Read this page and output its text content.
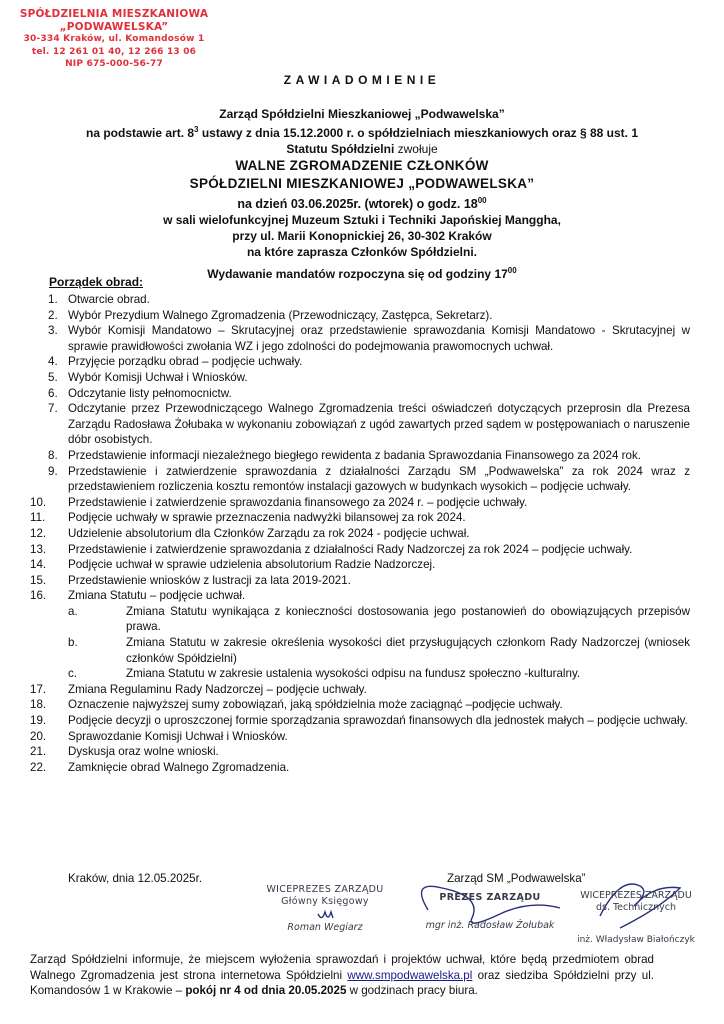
SPÓŁDZIELNIA MIESZKANIOWA
„PODWAWELSKA”
30-334 Kraków, ul. Komandosów 1
tel. 12 261 01 40, 12 266 13 06
NIP 675-000-56-77
ZAWIADOMIENIE
Zarząd Spółdzielni Mieszkaniowej „Podwawelska”
na podstawie art. $8^3$ ustawy z dnia 15.12.2000 r. o spółdzielniach mieszkaniowych oraz § 88 ust. 1
Statutu Spółdzielni zwołuje
WALNE ZGROMADZENIE CZŁONKÓW
SPÓŁDZIELNI MIESZKANIOWEJ „PODWAWELSKA”
na dzień 03.06.2025r. (wtorek) o godz. $18^{00}$
w sali wielofunkcyjnej Muzeum Sztuki i Techniki Japońskiej Manggha,
przy ul. Marii Konopnickiej 26, 30-302 Kraków
na które zaprasza Członków Spółdzielni.
Wydawanie mandatów rozpoczyna się od godziny $17^{00}$
Porządek obrad:
1. Otwarcie obrad.
2. Wybór Prezydium Walnego Zgromadzenia (Przewodniczący, Zastępca, Sekretarz).
3. Wybór Komisji Mandatowo – Skrutacyjnej oraz przedstawienie sprawozdania Komisji Mandatowo - Skrutacyjnej w sprawie prawidłowości zwołania WZ i jego zdolności do podejmowania prawomocnych uchwał.
4. Przyjęcie porządku obrad – podjęcie uchwały.
5. Wybór Komisji Uchwał i Wniosków.
6. Odczytanie listy pełnomocnictw.
7. Odczytanie przez Przewodniczącego Walnego Zgromadzenia treści oświadczeń dotyczących przeprosin dla Prezesa Zarządu Radosława Żołubaka w wykonaniu zobowiązań z ugód zawartych przed sądem w postępowaniach o naruszenie dóbr osobistych.
8. Przedstawienie informacji niezależnego biegłego rewidenta z badania Sprawozdania Finansowego za 2024 rok.
9. Przedstawienie i zatwierdzenie sprawozdania z działalności Zarządu SM „Podwawelska” za rok 2024 wraz z przedstawieniem rozliczenia kosztu remontów instalacji gazowych w budynkach wysokich – podjęcie uchwały.
10.	Przedstawienie i zatwierdzenie sprawozdania finansowego za 2024 r. – podjęcie uchwały.
11.	Podjęcie uchwały w sprawie przeznaczenia nadwyżki bilansowej za rok 2024.
12.	Udzielenie absolutorium dla Członków Zarządu za rok 2024 - podjęcie uchwał.
13.	Przedstawienie i zatwierdzenie sprawozdania z działalności Rady Nadzorczej za rok 2024 – podjęcie uchwały.
14.	Podjęcie uchwał w sprawie udzielenia absolutorium Radzie Nadzorczej.
15.	Przedstawienie wniosków z lustracji za lata 2019-2021.
16.	Zmiana Statutu – podjęcie uchwał.
a.	Zmiana Statutu wynikająca z konieczności dostosowania jego postanowień do obowiązujących przepisów prawa.
b.	Zmiana Statutu w zakresie określenia wysokości diet przysługujących członkom Rady Nadzorczej (wniosek członków Spółdzielni)
c.	Zmiana Statutu w zakresie ustalenia wysokości odpisu na fundusz społeczno -kulturalny.
17.	Zmiana Regulaminu Rady Nadzorczej – podjęcie uchwały.
18.	Oznaczenie najwyższej sumy zobowiązań, jaką spółdzielnia może zaciągnąć –podjęcie uchwały.
19.	Podjęcie decyzji o uproszczonej formie sporządzania sprawozdań finansowych dla jednostek małych – podjęcie uchwały.
20.	Sprawozdanie Komisji Uchwał i Wniosków.
21.	Dyskusja oraz wolne wnioski.
22.	Zamknięcie obrad Walnego Zgromadzenia.
Kraków, dnia 12.05.2025r.	Zarząd SM „Podwawelska”
WICEPREZES ZARZĄDU
Główny Księgowy
Roman Wegiarz
PREZES ZARZĄDU
mgr inż. Radosław Żołubak
WICEPREZES ZARZĄDU
ds. Technicznych
inż. Władysław Białończyk
Zarząd Spółdzielni informuje, że miejscem wyłożenia sprawozdań i projektów uchwał, które będą przedmiotem obrad Walnego Zgromadzenia jest strona internetowa Spółdzielni www.smpodwawelska.pl oraz siedziba Spółdzielni przy ul. Komandosów 1 w Krakowie – pokój nr 4 od dnia 20.05.2025 w godzinach pracy biura.
